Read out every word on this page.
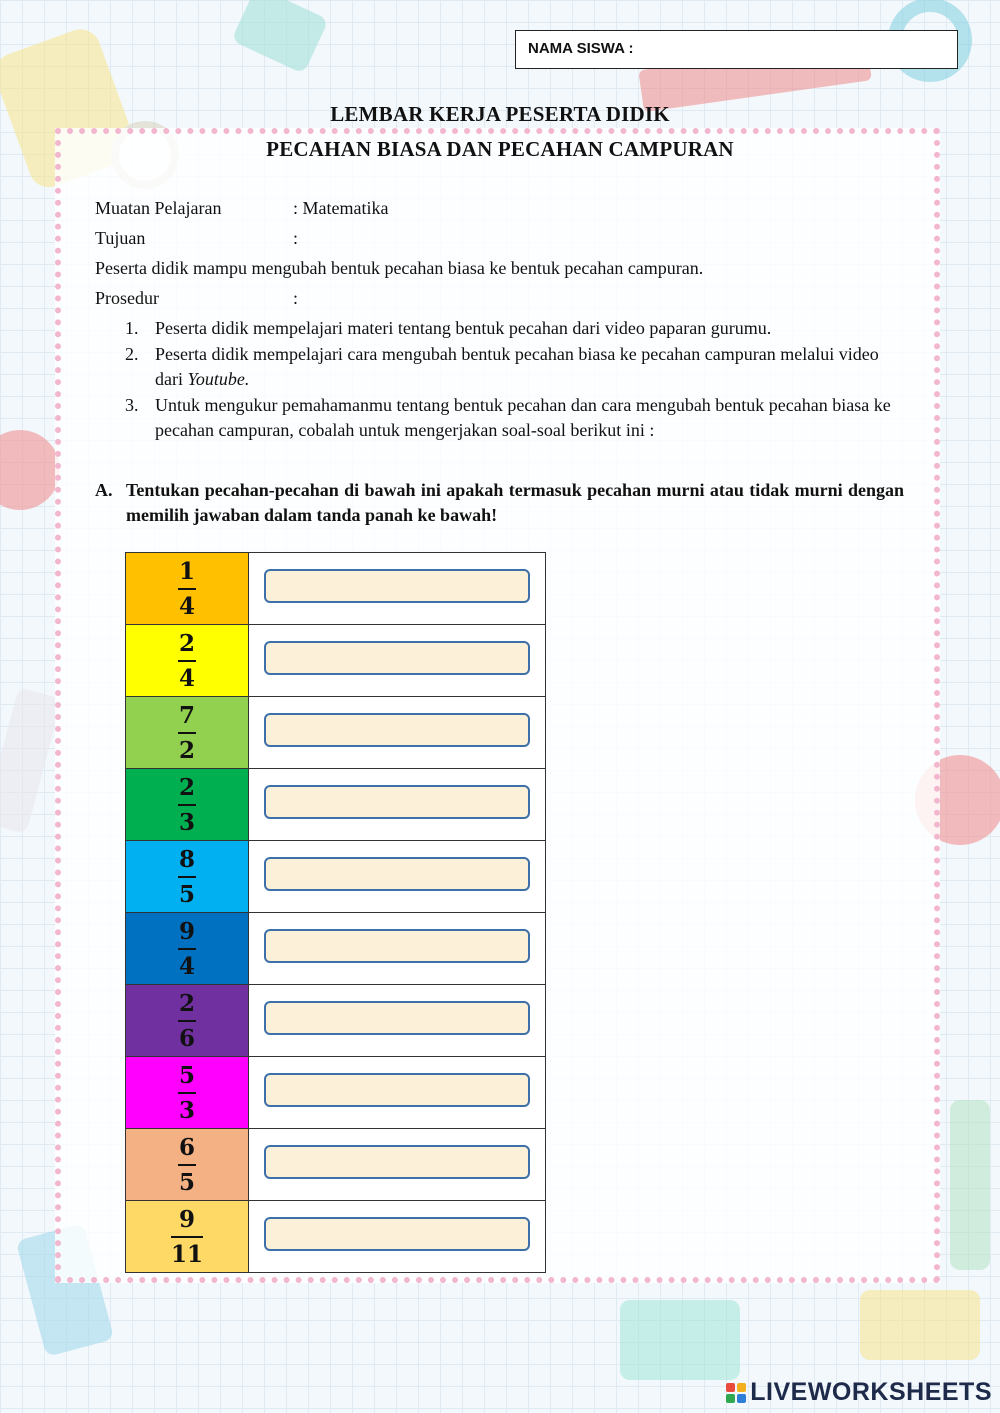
NAMA SISWA :
LEMBAR KERJA PESERTA DIDIK
PECAHAN BIASA DAN PECAHAN CAMPURAN
Muatan Pelajaran	: Matematika
Tujuan	:
Peserta didik mampu mengubah bentuk pecahan biasa ke bentuk pecahan campuran.
Prosedur	:
1. Peserta didik mempelajari materi tentang bentuk pecahan dari video paparan gurumu.
2. Peserta didik mempelajari cara mengubah bentuk pecahan biasa ke pecahan campuran melalui video dari Youtube.
3. Untuk mengukur pemahamanmu tentang bentuk pecahan dan cara mengubah bentuk pecahan biasa ke pecahan campuran, cobalah untuk mengerjakan soal-soal berikut ini :
A. Tentukan pecahan-pecahan di bawah ini apakah termasuk pecahan murni atau tidak murni dengan memilih jawaban dalam tanda panah ke bawah!
$\frac{1}{4}$

$\frac{2}{4}$

$\frac{7}{2}$

$\frac{2}{3}$

$\frac{8}{5}$

$\frac{9}{4}$

$\frac{2}{6}$

$\frac{5}{3}$

$\frac{6}{5}$

$\frac{9}{11}$

LIVEWORKSHEETS
